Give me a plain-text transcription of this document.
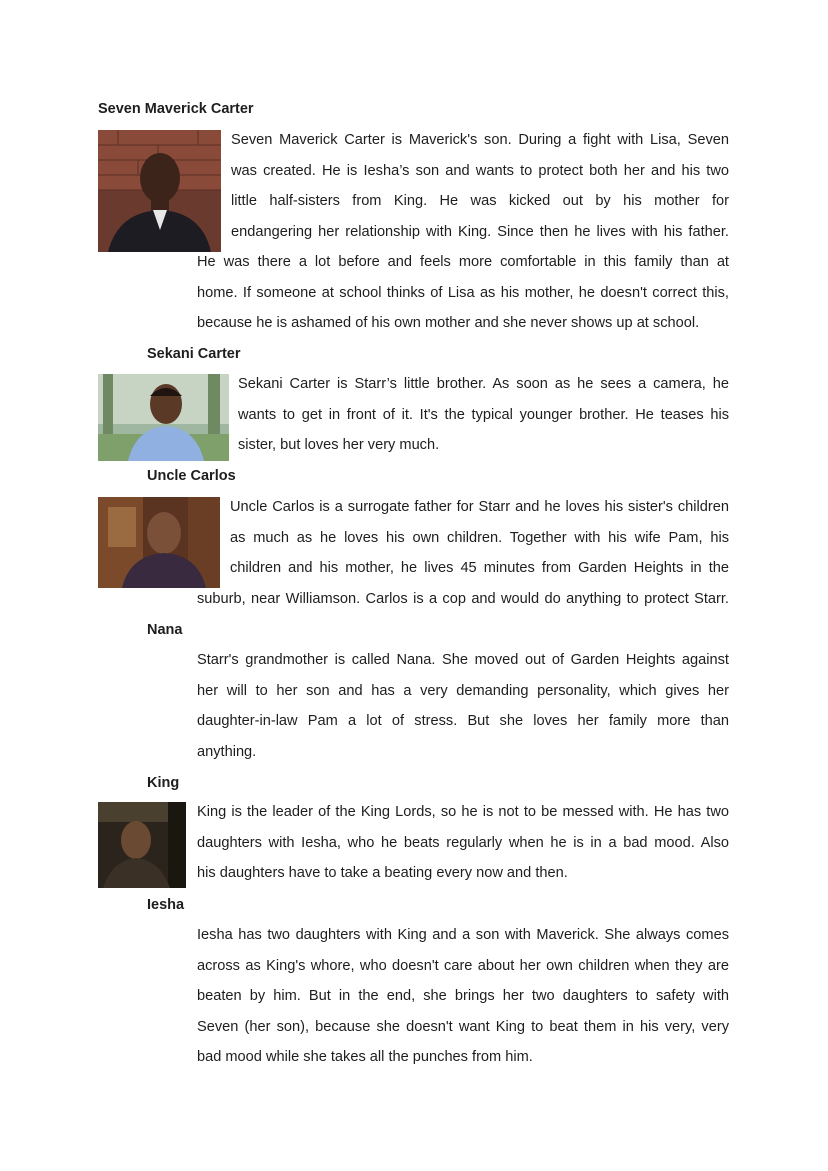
Seven Maverick Carter
Seven Maverick Carter is Maverick's son. During a fight with Lisa, Seven
was created. He is Iesha’s son and wants to protect both her and his two
little half-sisters from King. He was kicked out by his mother for
endangering her relationship with King. Since then he lives with his father.
He was there a lot before and feels more comfortable in this family than at
home. If someone at school thinks of Lisa as his mother, he doesn't correct this,
because he is ashamed of his own mother and she never shows up at school.
Sekani Carter
Sekani Carter is Starr’s little brother. As soon as he sees a camera, he
wants to get in front of it. It's the typical younger brother. He teases his
sister, but loves her very much.
Uncle Carlos
Uncle Carlos is a surrogate father for Starr and he loves his sister's children
as much as he loves his own children. Together with his wife Pam, his
children and his mother, he lives 45 minutes from Garden Heights in the
suburb, near Williamson. Carlos is a cop and would do anything to protect Starr.
Nana
Starr's grandmother is called Nana. She moved out of Garden Heights against
her will to her son and has a very demanding personality, which gives her
daughter-in-law Pam a lot of stress. But she loves her family more than
anything.
King
King is the leader of the King Lords, so he is not to be messed with. He has two
daughters with Iesha, who he beats regularly when he is in a bad mood. Also
his daughters have to take a beating every now and then.
Iesha
Iesha has two daughters with King and a son with Maverick. She always comes
across as King's whore, who doesn't care about her own children when they are
beaten by him. But in the end, she brings her two daughters to safety with
Seven (her son), because she doesn't want King to beat them in his very, very
bad mood while she takes all the punches from him.
